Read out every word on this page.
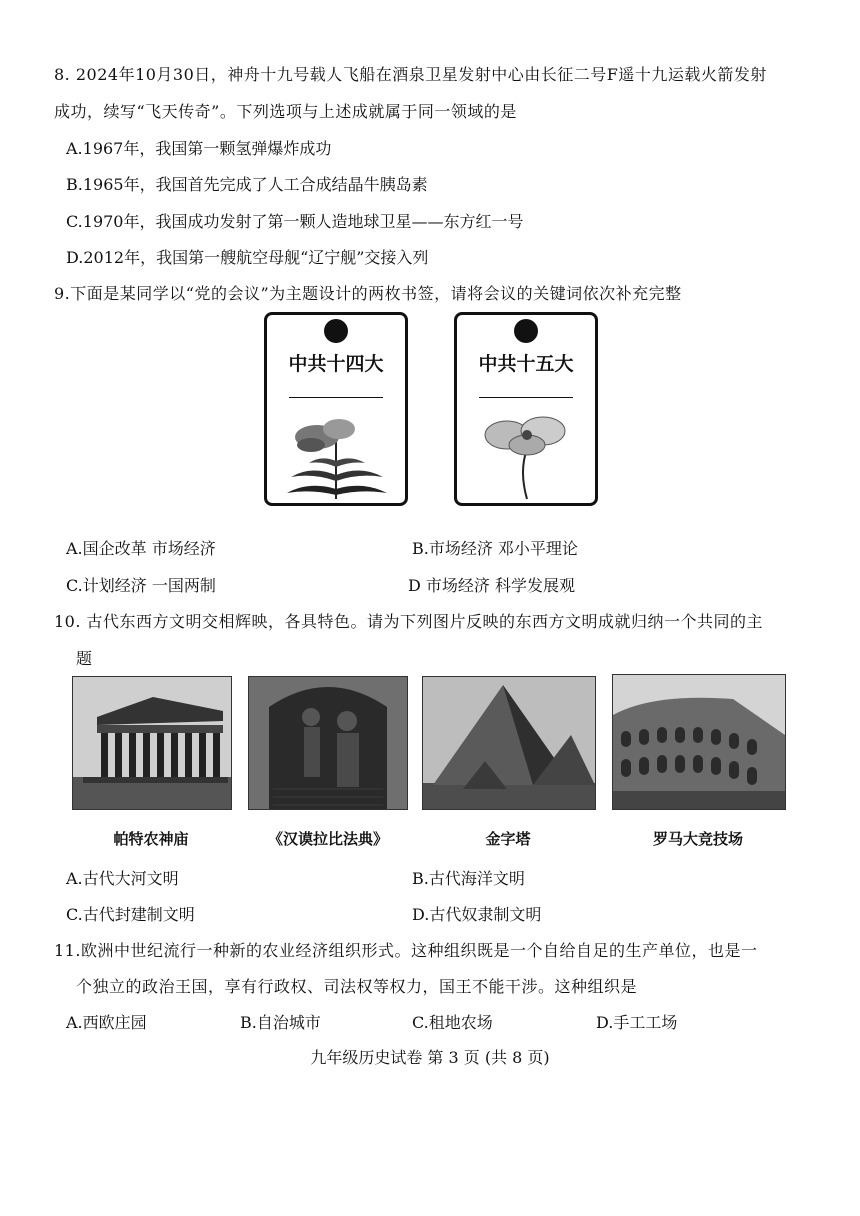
8. 2024年10月30日，神舟十九号载人飞船在酒泉卫星发射中心由长征二号F遥十九运载火箭发射
成功，续写“飞天传奇”。下列选项与上述成就属于同一领域的是
A.1967年，我国第一颗氢弹爆炸成功
B.1965年，我国首先完成了人工合成结晶牛胰岛素
C.1970年，我国成功发射了第一颗人造地球卫星——东方红一号
D.2012年，我国第一艘航空母舰“辽宁舰”交接入列
9.下面是某同学以“党的会议”为主题设计的两枚书签，请将会议的关键词依次补充完整
中共十四大	中共十五大
A.国企改革 市场经济	B.市场经济 邓小平理论
C.计划经济 一国两制	D 市场经济 科学发展观
10. 古代东西方文明交相辉映，各具特色。请为下列图片反映的东西方文明成就归纳一个共同的主
题
帕特农神庙	《汉谟拉比法典》	金字塔	罗马大竞技场
A.古代大河文明	B.古代海洋文明
C.古代封建制文明	D.古代奴隶制文明
11.欧洲中世纪流行一种新的农业经济组织形式。这种组织既是一个自给自足的生产单位，也是一
个独立的政治王国，享有行政权、司法权等权力，国王不能干涉。这种组织是
A.西欧庄园	B.自治城市	C.租地农场	D.手工工场
九年级历史试卷 第 3 页 (共 8 页)
